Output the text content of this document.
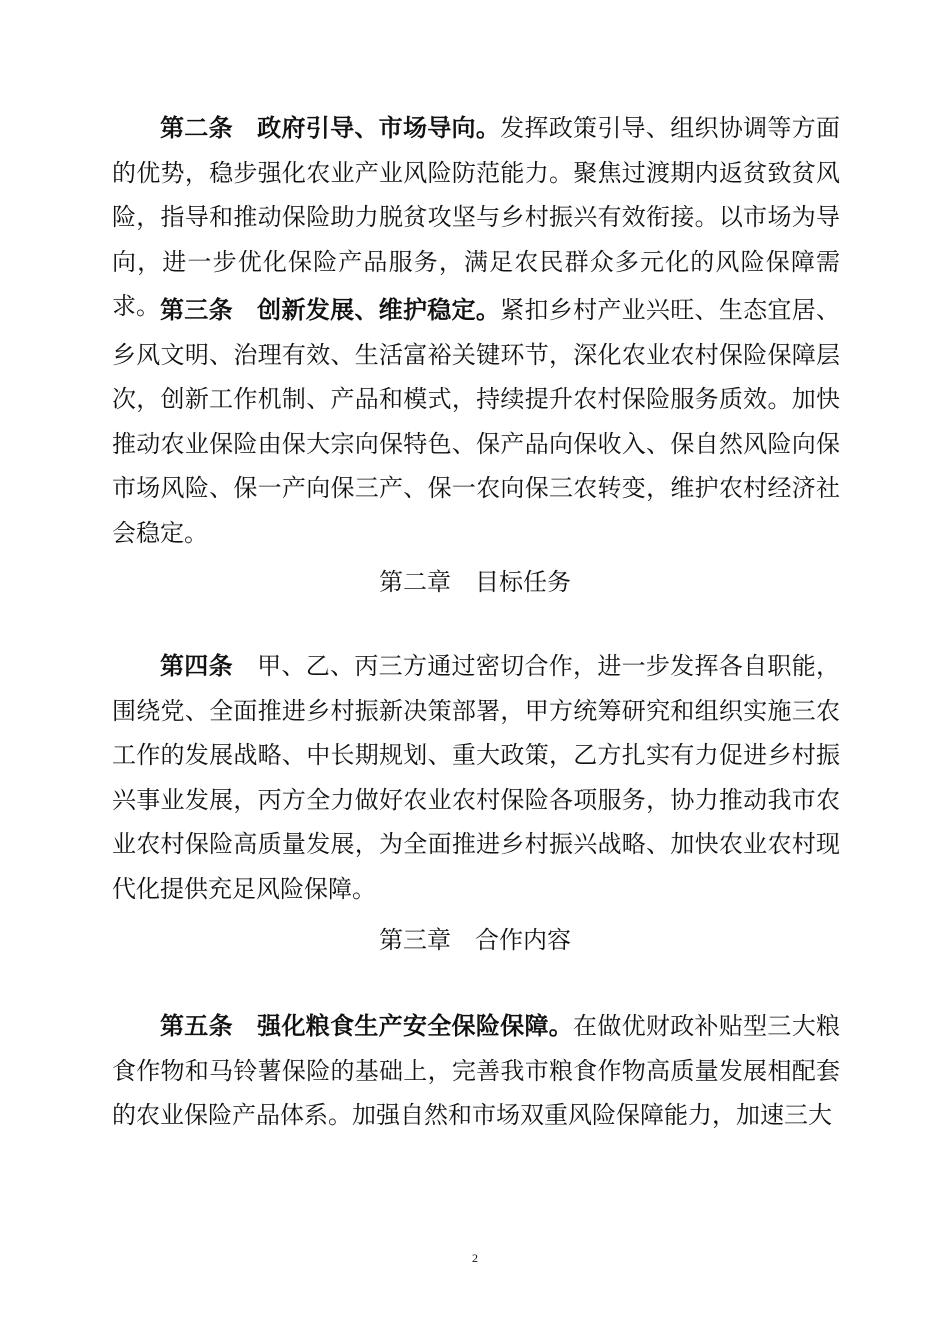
第二条 政府引导、市场导向。发挥政策引导、组织协调等方面的优势，稳步强化农业产业风险防范能力。聚焦过渡期内返贫致贫风险，指导和推动保险助力脱贫攻坚与乡村振兴有效衔接。以市场为导向，进一步优化保险产品服务，满足农民群众多元化的风险保障需求。 第三条 创新发展、维护稳定。紧扣乡村产业兴旺、生态宜居、乡风文明、治理有效、生活富裕关键环节，深化农业农村保险保障层次，创新工作机制、产品和模式，持续提升农村保险服务质效。加快推动农业保险由保大宗向保特色、保产品向保收入、保自然风险向保市场风险、保一产向保三产、保一农向保三农转变，维护农村经济社会稳定。

第二章　目标任务

第四条 甲、乙、丙三方通过密切合作，进一步发挥各自职能，围绕党、全面推进乡村振新决策部署，甲方统筹研究和组织实施三农工作的发展战略、中长期规划、重大政策，乙方扎实有力促进乡村振兴事业发展，丙方全力做好农业农村保险各项服务，协力推动我市农业农村保险高质量发展，为全面推进乡村振兴战略、加快农业农村现代化提供充足风险保障。

第三章　合作内容

第五条 强化粮食生产安全保险保障。在做优财政补贴型三大粮食作物和马铃薯保险的基础上，完善我市粮食作物高质量发展相配套的农业保险产品体系。加强自然和市场双重风险保障能力，加速三大

2
